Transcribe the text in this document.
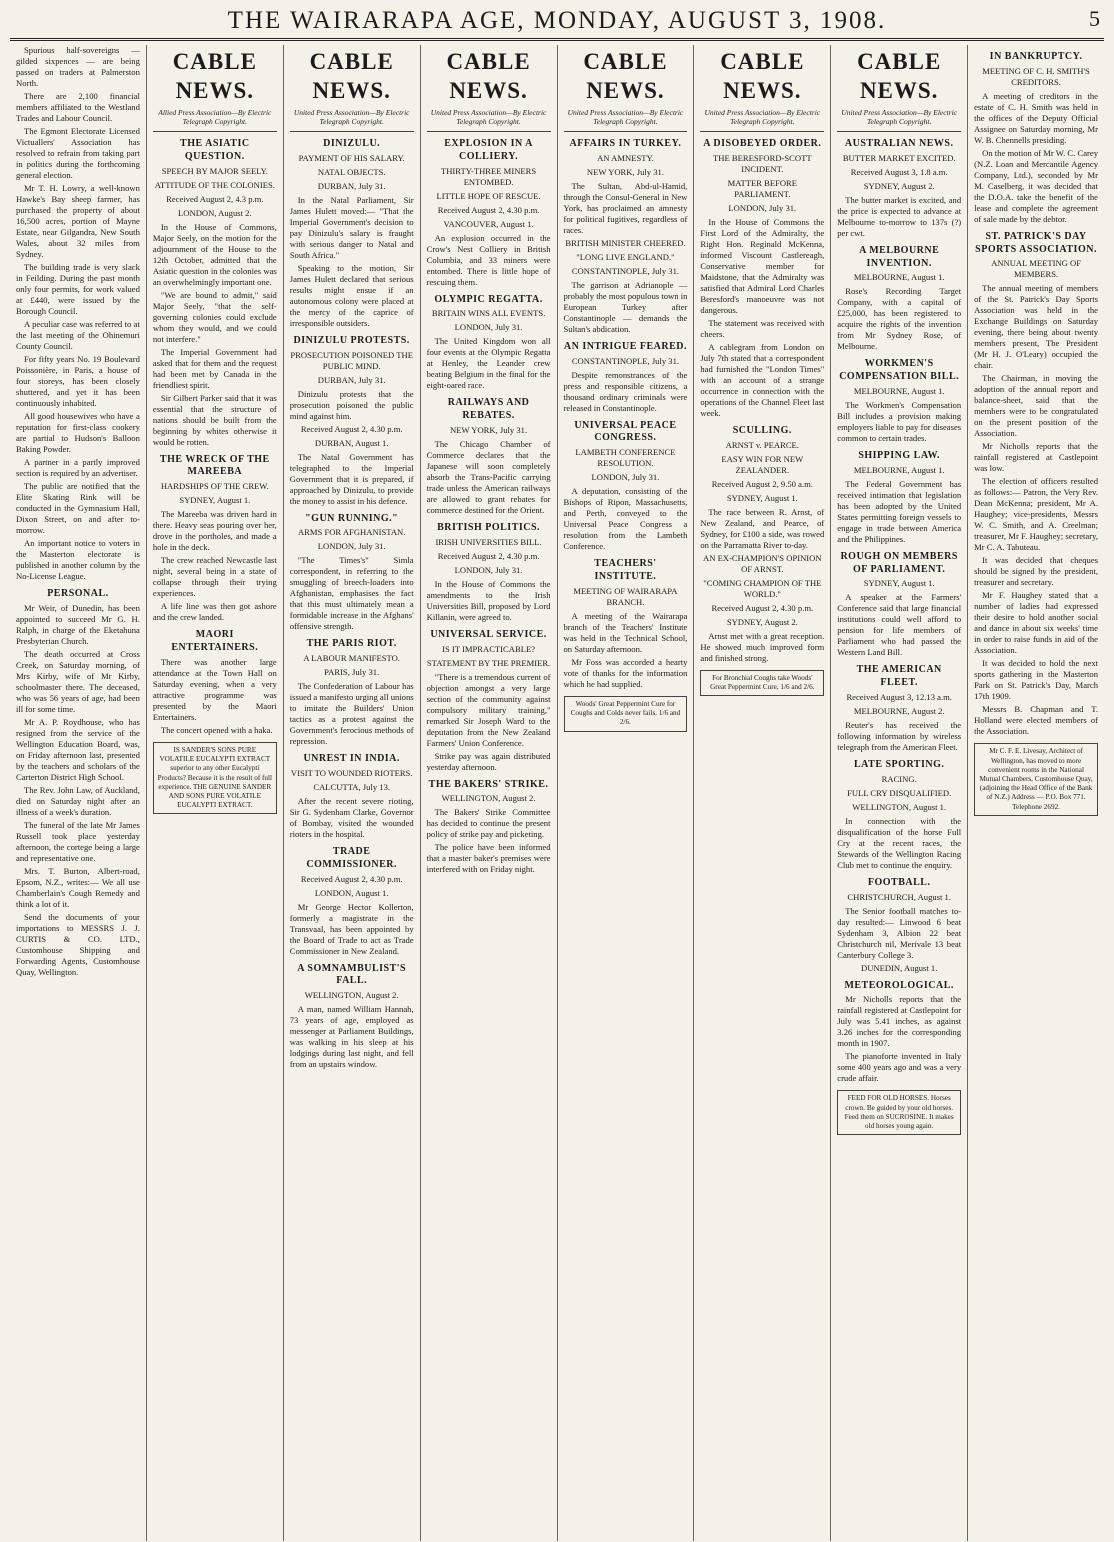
THE WAIRARAPA AGE, MONDAY, AUGUST 3, 1908.	5

Spurious half-sovereigns — gilded sixpences — are being passed on traders at Palmerston North.

There are 2,100 financial members affiliated to the Westland Trades and Labour Council.

The Egmont Electorate Licensed Victuallers' Association has resolved to refrain from taking part in politics during the forthcoming general election.

Mr T. H. Lowry, a well-known Hawke's Bay sheep farmer, has purchased the property of about 16,500 acres, portion of Mayne Estate, near Gilgandra, New South Wales, about 32 miles from Sydney.

The building trade is very slack in Feilding. During the past month only four permits, for work valued at £440, were issued by the Borough Council.

A peculiar case was referred to at the last meeting of the Ohinemuri County Council.

For fifty years No. 19 Boulevard Poissonière, in Paris, a house of four storeys, has been closely shuttered, and yet it has been continuously inhabited.

All good housewives who have a reputation for first-class cookery are partial to Hudson's Balloon Baking Powder.

A partner in a partly improved section is required by an advertiser.

The public are notified that the Elite Skating Rink will be conducted in the Gymnasium Hall, Dixon Street, on and after to-morrow.

An important notice to voters in the Masterton electorate is published in another column by the No-License League.

PERSONAL.

Mr Weir, of Dunedin, has been appointed to succeed Mr G. H. Ralph, in charge of the Eketahuna Presbyterian Church.

The death occurred at Cross Creek, on Saturday morning, of Mrs Kirby, wife of Mr Kirby, schoolmaster there. The deceased, who was 56 years of age, had been ill for some time.

Mr A. P. Roydhouse, who has resigned from the service of the Wellington Education Board, was, on Friday afternoon last, presented by the teachers and scholars of the Carterton District High School.

The Rev. John Law, of Auckland, died on Saturday night after an illness of a week's duration.

The funeral of the late Mr James Russell took place yesterday afternoon, the cortege being a large and representative one.

Mrs. T. Burton, Albert-road, Epsom, N.Z., writes:— We all use Chamberlain's Cough Remedy and think a lot of it.

Send the documents of your importations to MESSRS J. J. CURTIS & CO. LTD., Customhouse Shipping and Forwarding Agents, Customhouse Quay, Wellington.

CABLE NEWS.
Allied Press Association—By Electric Telegraph Copyright.
THE ASIATIC QUESTION.
SPEECH BY MAJOR SEELY.
ATTITUDE OF THE COLONIES.
Received August 2, 4.3 p.m.
LONDON, August 2.

In the House of Commons, Major Seely, on the motion for the adjournment of the House to the 12th October, admitted that the Asiatic question in the colonies was an overwhelmingly important one.

"We are bound to admit," said Major Seely, "that the self-governing colonies could exclude whom they would, and we could not interfere."

The Imperial Government had asked that for them and the request had been met by Canada in the friendliest spirit.

Sir Gilbert Parker said that it was essential that the structure of nations should be built from the beginning by whites otherwise it would be rotten.

THE WRECK OF THE MAREEBA
HARDSHIPS OF THE CREW.
SYDNEY, August 1.

The Mareeba was driven hard in there. Heavy seas pouring over her, drove in the portholes, and made a hole in the deck.

The crew reached Newcastle last night, several being in a state of collapse through their trying experiences.

A life line was then got ashore and the crew landed.

MAORI ENTERTAINERS.

There was another large attendance at the Town Hall on Saturday evening, when a very attractive programme was presented by the Maori Entertainers.

The concert opened with a haka.

IS SANDER'S SONS PURE VOLATILE EUCALYPTI EXTRACT superior to any other Eucalypti Products? Because it is the result of full experience. THE GENUINE SANDER AND SONS PURE VOLATILE EUCALYPTI EXTRACT.
CABLE NEWS.
United Press Association—By Electric Telegraph Copyright.
DINIZULU.
PAYMENT OF HIS SALARY.
NATAL OBJECTS.
DURBAN, July 31.

In the Natal Parliament, Sir James Hulett moved:— "That the Imperial Government's decision to pay Dinizulu's salary is fraught with serious danger to Natal and South Africa."

Speaking to the motion, Sir James Hulett declared that serious results might ensue if an autonomous colony were placed at the mercy of the caprice of irresponsible outsiders.

DINIZULU PROTESTS.
PROSECUTION POISONED THE PUBLIC MIND.
DURBAN, July 31.

Dinizulu protests that the prosecution poisoned the public mind against him.

Received August 2, 4.30 p.m.
DURBAN, August 1.

The Natal Government has telegraphed to the Imperial Government that it is prepared, if approached by Dinizulu, to provide the money to assist in his defence.

"GUN RUNNING."
ARMS FOR AFGHANISTAN.
LONDON, July 31.

"The Times's" Simla correspondent, in referring to the smuggling of breech-loaders into Afghanistan, emphasises the fact that this must ultimately mean a formidable increase in the Afghans' offensive strength.

THE PARIS RIOT.
A LABOUR MANIFESTO.
PARIS, July 31.

The Confederation of Labour has issued a manifesto urging all unions to imitate the Builders' Union tactics as a protest against the Government's ferocious methods of repression.

UNREST IN INDIA.
VISIT TO WOUNDED RIOTERS.
CALCUTTA, July 13.

After the recent severe rioting, Sir G. Sydenham Clarke, Governor of Bombay, visited the wounded rioters in the hospital.

TRADE COMMISSIONER.
Received August 2, 4.30 p.m.
LONDON, August 1.

Mr George Hector Kollerton, formerly a magistrate in the Transvaal, has been appointed by the Board of Trade to act as Trade Commissioner in New Zealand.

A SOMNAMBULIST'S FALL.
WELLINGTON, August 2.

A man, named William Hannah, 73 years of age, employed as messenger at Parliament Buildings, was walking in his sleep at his lodgings during last night, and fell from an upstairs window.

CABLE NEWS.
United Press Association—By Electric Telegraph Copyright.
EXPLOSION IN A COLLIERY.
THIRTY-THREE MINERS ENTOMBED.
LITTLE HOPE OF RESCUE.
Received August 2, 4.30 p.m.
VANCOUVER, August 1.

An explosion occurred in the Crow's Nest Colliery in British Columbia, and 33 miners were entombed. There is little hope of rescuing them.

OLYMPIC REGATTA.
BRITAIN WINS ALL EVENTS.
LONDON, July 31.

The United Kingdom won all four events at the Olympic Regatta at Henley, the Leander crew beating Belgium in the final for the eight-oared race.

RAILWAYS AND REBATES.
NEW YORK, July 31.

The Chicago Chamber of Commerce declares that the Japanese will soon completely absorb the Trans-Pacific carrying trade unless the American railways are allowed to grant rebates for commerce destined for the Orient.

BRITISH POLITICS.
IRISH UNIVERSITIES BILL.
Received August 2, 4.30 p.m.
LONDON, July 31.

In the House of Commons the amendments to the Irish Universities Bill, proposed by Lord Killanin, were agreed to.

UNIVERSAL SERVICE.
IS IT IMPRACTICABLE?
STATEMENT BY THE PREMIER.

"There is a tremendous current of objection amongst a very large section of the community against compulsory military training," remarked Sir Joseph Ward to the deputation from the New Zealand Farmers' Union Conference.

Strike pay was again distributed yesterday afternoon.

THE BAKERS' STRIKE.
WELLINGTON, August 2.

The Bakers' Strike Committee has decided to continue the present policy of strike pay and picketing.

The police have been informed that a master baker's premises were interfered with on Friday night.

CABLE NEWS.
United Press Association—By Electric Telegraph Copyright.
AFFAIRS IN TURKEY.
AN AMNESTY.
NEW YORK, July 31.

The Sultan, Abd-ul-Hamid, through the Consul-General in New York, has proclaimed an amnesty for political fugitives, regardless of races.

BRITISH MINISTER CHEERED.
"LONG LIVE ENGLAND."
CONSTANTINOPLE, July 31.

The garrison at Adrianople — probably the most populous town in European Turkey after Constantinople — demands the Sultan's abdication.

AN INTRIGUE FEARED.
CONSTANTINOPLE, July 31.

Despite remonstrances of the press and responsible citizens, a thousand ordinary criminals were released in Constantinople.

UNIVERSAL PEACE CONGRESS.
LAMBETH CONFERENCE RESOLUTION.
LONDON, July 31.

A deputation, consisting of the Bishops of Ripon, Massachusetts, and Perth, conveyed to the Universal Peace Congress a resolution from the Lambeth Conference.

TEACHERS' INSTITUTE.
MEETING OF WAIRARAPA BRANCH.

A meeting of the Wairarapa branch of the Teachers' Institute was held in the Technical School, on Saturday afternoon.

Mr Foss was accorded a hearty vote of thanks for the information which he had supplied.

Woods' Great Peppermint Cure for Coughs and Colds never fails. 1/6 and 2/6.
CABLE NEWS.
United Press Association—By Electric Telegraph Copyright.
A DISOBEYED ORDER.
THE BERESFORD-SCOTT INCIDENT.
MATTER BEFORE PARLIAMENT.
LONDON, July 31.

In the House of Commons the First Lord of the Admiralty, the Right Hon. Reginald McKenna, informed Viscount Castlereagh, Conservative member for Maidstone, that the Admiralty was satisfied that Admiral Lord Charles Beresford's manoeuvre was not dangerous.

The statement was received with cheers.

A cablegram from London on July 7th stated that a correspondent had furnished the "London Times" with an account of a strange occurrence in connection with the operations of the Channel Fleet last week.

SCULLING.
ARNST v. PEARCE.
EASY WIN FOR NEW ZEALANDER.
Received August 2, 9.50 a.m.
SYDNEY, August 1.

The race between R. Arnst, of New Zealand, and Pearce, of Sydney, for £100 a side, was rowed on the Parramatta River to-day.

AN EX-CHAMPION'S OPINION OF ARNST.
"COMING CHAMPION OF THE WORLD."
Received August 2, 4.30 p.m.
SYDNEY, August 2.

Arnst met with a great reception. He showed much improved form and finished strong.

For Bronchial Coughs take Woods' Great Peppermint Cure, 1/6 and 2/6.
CABLE NEWS.
United Press Association—By Electric Telegraph Copyright.
AUSTRALIAN NEWS.
BUTTER MARKET EXCITED.
Received August 3, 1.8 a.m.
SYDNEY, August 2.

The butter market is excited, and the price is expected to advance at Melbourne to-morrow to 137s (?) per cwt.

A MELBOURNE INVENTION.
MELBOURNE, August 1.

Rose's Recording Target Company, with a capital of £25,000, has been registered to acquire the rights of the invention from Mr Sydney Rose, of Melbourne.

WORKMEN'S COMPENSATION BILL.
MELBOURNE, August 1.

The Workmen's Compensation Bill includes a provision making employers liable to pay for diseases common to certain trades.

SHIPPING LAW.
MELBOURNE, August 1.

The Federal Government has received intimation that legislation has been adopted by the United States permitting foreign vessels to engage in trade between America and the Philippines.

ROUGH ON MEMBERS OF PARLIAMENT.
SYDNEY, August 1.

A speaker at the Farmers' Conference said that large financial institutions could well afford to pension for life members of Parliament who had passed the Western Land Bill.

THE AMERICAN FLEET.
Received August 3, 12.13 a.m.
MELBOURNE, August 2.

Reuter's has received the following information by wireless telegraph from the American Fleet.

LATE SPORTING.
RACING.
FULL CRY DISQUALIFIED.
WELLINGTON, August 1.

In connection with the disqualification of the horse Full Cry at the recent races, the Stewards of the Wellington Racing Club met to continue the enquiry.

FOOTBALL.
CHRISTCHURCH, August 1.

The Senior football matches to-day resulted:— Linwood 6 beat Sydenham 3, Albion 22 beat Christchurch nil, Merivale 13 beat Canterbury College 3.

DUNEDIN, August 1.
METEOROLOGICAL.

Mr Nicholls reports that the rainfall registered at Castlepoint for July was 5.41 inches, as against 3.26 inches for the corresponding month in 1907.

The pianoforte invented in Italy some 400 years ago and was a very crude affair.

FEED FOR OLD HORSES. Horses crown. Be guided by your old horses. Feed them on SUCROSINE. It makes old horses young again.
IN BANKRUPTCY.
MEETING OF C. H. SMITH'S CREDITORS.

A meeting of creditors in the estate of C. H. Smith was held in the offices of the Deputy Official Assignee on Saturday morning, Mr W. B. Chennells presiding.

On the motion of Mr W. C. Carey (N.Z. Loan and Mercantile Agency Company, Ltd.), seconded by Mr M. Caselberg, it was decided that the D.O.A. take the benefit of the lease and complete the agreement of sale made by the debtor.

ST. PATRICK'S DAY SPORTS ASSOCIATION.
ANNUAL MEETING OF MEMBERS.

The annual meeting of members of the St. Patrick's Day Sports Association was held in the Exchange Buildings on Saturday evening, there being about twenty members present, The President (Mr H. J. O'Leary) occupied the chair.

The Chairman, in moving the adoption of the annual report and balance-sheet, said that the members were to be congratulated on the present position of the Association.

Mr Nicholls reports that the rainfall registered at Castlepoint was low.

The election of officers resulted as follows:— Patron, the Very Rev. Dean McKenna; president, Mr A. Haughey; vice-presidents, Messrs W. C. Smith, and A. Creelman; treasurer, Mr F. Haughey; secretary, Mr C. A. Tabuteau.

It was decided that cheques should be signed by the president, treasurer and secretary.

Mr F. Haughey stated that a number of ladies had expressed their desire to hold another social and dance in about six weeks' time in order to raise funds in aid of the Association.

It was decided to hold the next sports gathering in the Masterton Park on St. Patrick's Day, March 17th 1909.

Messrs B. Chapman and T. Holland were elected members of the Association.

Mr C. F. E. Livesay, Architect of Wellington, has moved to more convenient rooms in the National Mutual Chambers, Customhouse Quay, (adjoining the Head Office of the Bank of N.Z.) Address — P.O. Box 771. Telephone 2692.
